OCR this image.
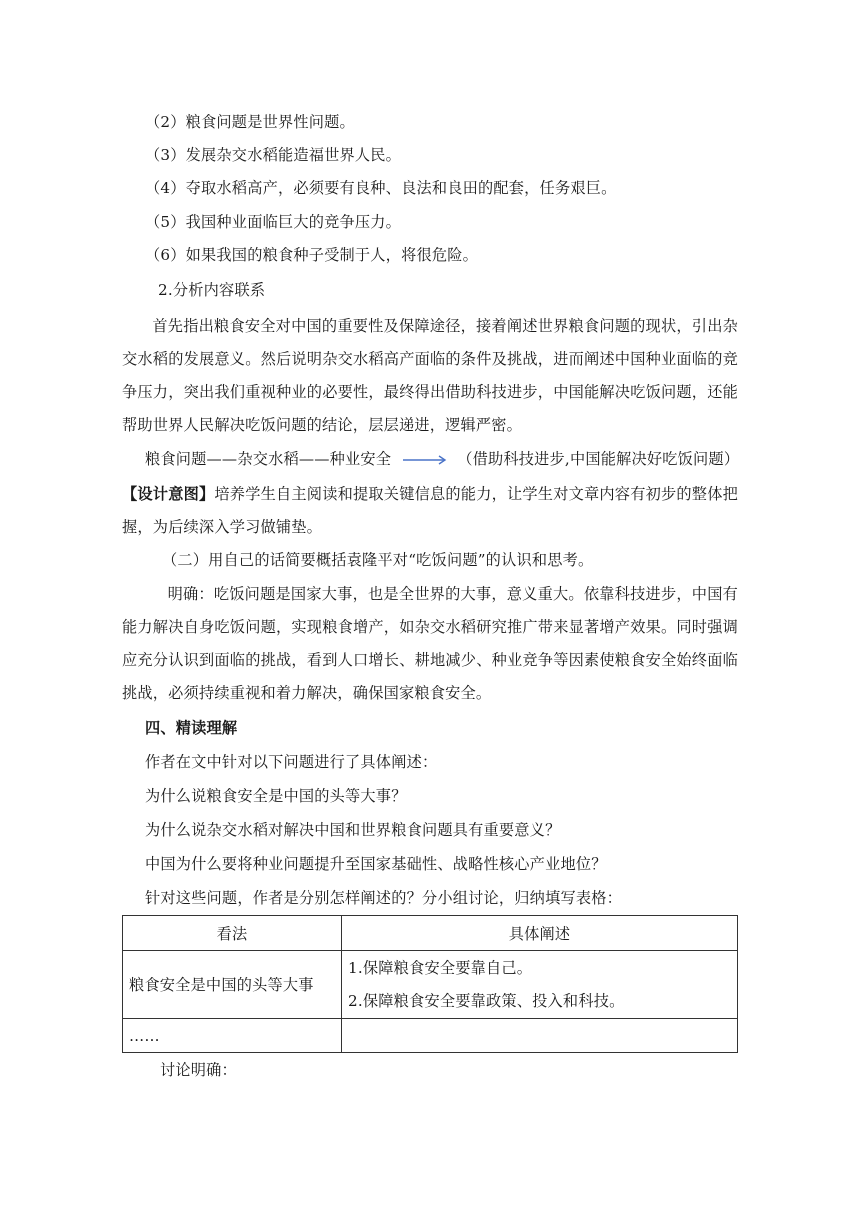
（2）粮食问题是世界性问题。
（3）发展杂交水稻能造福世界人民。
（4）夺取水稻高产，必须要有良种、良法和良田的配套，任务艰巨。
（5）我国种业面临巨大的竞争压力。
（6）如果我国的粮食种子受制于人，将很危险。
2.分析内容联系
首先指出粮食安全对中国的重要性及保障途径，接着阐述世界粮食问题的现状，引出杂交水稻的发展意义。然后说明杂交水稻高产面临的条件及挑战，进而阐述中国种业面临的竞争压力，突出我们重视种业的必要性，最终得出借助科技进步，中国能解决吃饭问题，还能帮助世界人民解决吃饭问题的结论，层层递进，逻辑严密。
粮食问题——杂交水稻——种业安全	（借助科技进步,中国能解决好吃饭问题）
【设计意图】培养学生自主阅读和提取关键信息的能力，让学生对文章内容有初步的整体把握，为后续深入学习做铺垫。
（二）用自己的话简要概括袁隆平对“吃饭问题”的认识和思考。
明确：吃饭问题是国家大事，也是全世界的大事，意义重大。依靠科技进步，中国有能力解决自身吃饭问题，实现粮食增产，如杂交水稻研究推广带来显著增产效果。同时强调应充分认识到面临的挑战，看到人口增长、耕地减少、种业竞争等因素使粮食安全始终面临挑战，必须持续重视和着力解决，确保国家粮食安全。
四、精读理解
作者在文中针对以下问题进行了具体阐述：
为什么说粮食安全是中国的头等大事？
为什么说杂交水稻对解决中国和世界粮食问题具有重要意义？
中国为什么要将种业问题提升至国家基础性、战略性核心产业地位？
针对这些问题，作者是分别怎样阐述的？分小组讨论，归纳填写表格：
看法	具体阐述
粮食安全是中国的头等大事	1.保障粮食安全要靠自己。
2.保障粮食安全要靠政策、投入和科技。

……	
讨论明确：
